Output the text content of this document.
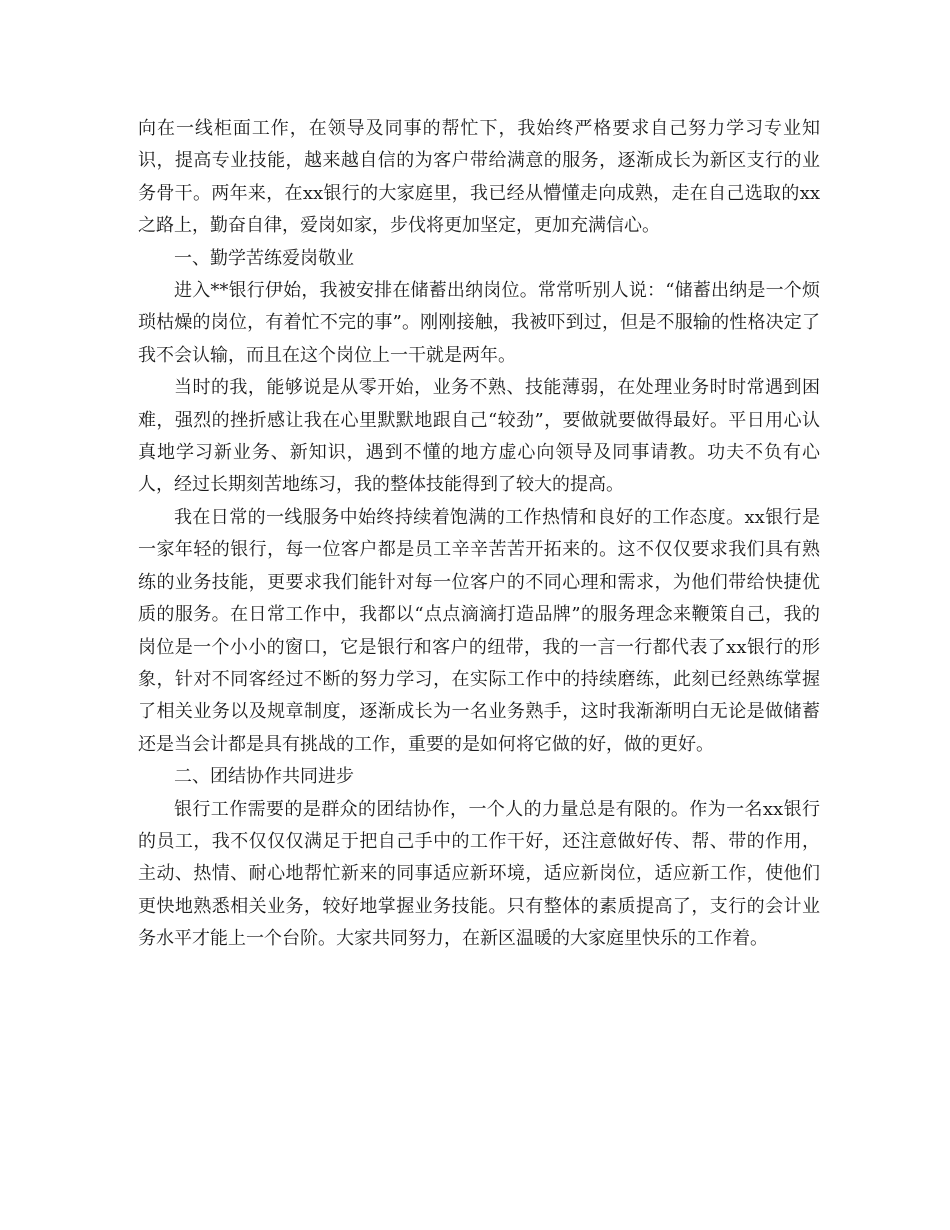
向在一线柜面工作，在领导及同事的帮忙下，我始终严格要求自己努力学习专业知识，提高专业技能，越来越自信的为客户带给满意的服务，逐渐成长为新区支行的业务骨干。两年来，在xx银行的大家庭里，我已经从懵懂走向成熟，走在自己选取的xx之路上，勤奋自律，爱岗如家，步伐将更加坚定，更加充满信心。

一、勤学苦练爱岗敬业

进入**银行伊始，我被安排在储蓄出纳岗位。常常听别人说：“储蓄出纳是一个烦琐枯燥的岗位，有着忙不完的事”。刚刚接触，我被吓到过，但是不服输的性格决定了我不会认输，而且在这个岗位上一干就是两年。

当时的我，能够说是从零开始，业务不熟、技能薄弱，在处理业务时时常遇到困难，强烈的挫折感让我在心里默默地跟自己“较劲”，要做就要做得最好。平日用心认真地学习新业务、新知识，遇到不懂的地方虚心向领导及同事请教。功夫不负有心人，经过长期刻苦地练习，我的整体技能得到了较大的提高。

我在日常的一线服务中始终持续着饱满的工作热情和良好的工作态度。xx银行是一家年轻的银行，每一位客户都是员工辛辛苦苦开拓来的。这不仅仅要求我们具有熟练的业务技能，更要求我们能针对每一位客户的不同心理和需求，为他们带给快捷优质的服务。在日常工作中，我都以“点点滴滴打造品牌”的服务理念来鞭策自己，我的岗位是一个小小的窗口，它是银行和客户的纽带，我的一言一行都代表了xx银行的形象，针对不同客经过不断的努力学习，在实际工作中的持续磨练，此刻已经熟练掌握了相关业务以及规章制度，逐渐成长为一名业务熟手，这时我渐渐明白无论是做储蓄还是当会计都是具有挑战的工作，重要的是如何将它做的好，做的更好。

二、团结协作共同进步

银行工作需要的是群众的团结协作，一个人的力量总是有限的。作为一名xx银行的员工，我不仅仅仅满足于把自己手中的工作干好，还注意做好传、帮、带的作用，主动、热情、耐心地帮忙新来的同事适应新环境，适应新岗位，适应新工作，使他们更快地熟悉相关业务，较好地掌握业务技能。只有整体的素质提高了，支行的会计业务水平才能上一个台阶。大家共同努力，在新区温暖的大家庭里快乐的工作着。
